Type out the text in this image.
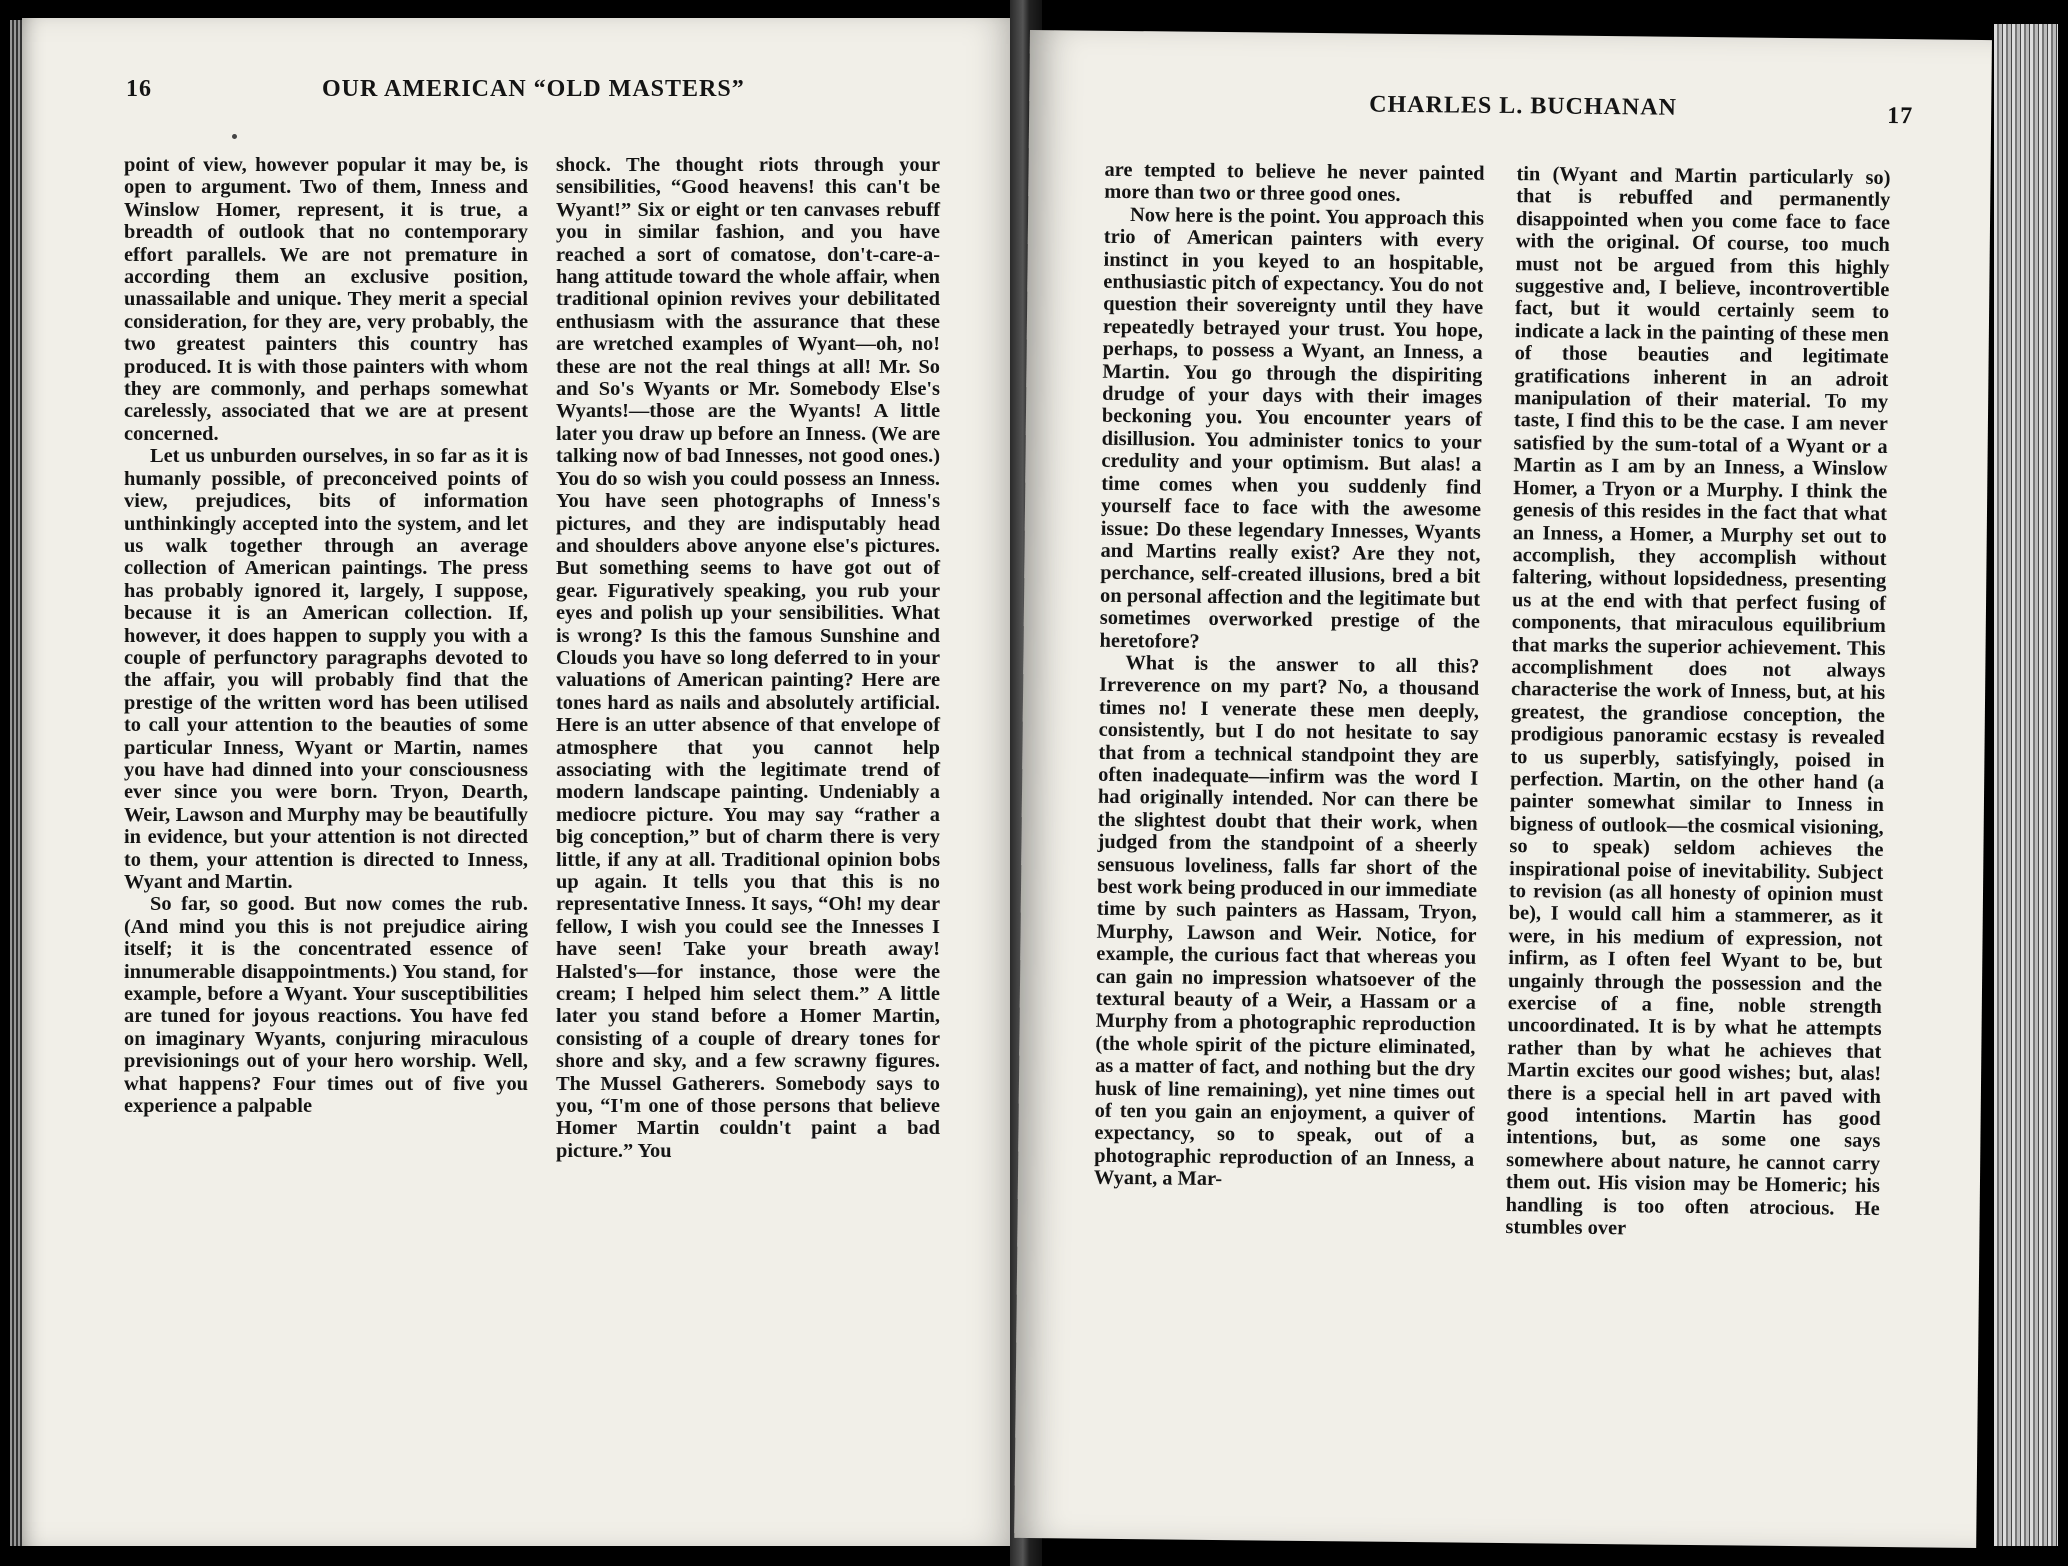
16	OUR AMERICAN “OLD MASTERS”

point of view, however popular it may be, is open to argument. Two of them, Inness and Winslow Homer, represent, it is true, a breadth of outlook that no contemporary effort parallels. We are not premature in according them an exclusive position, unassailable and unique. They merit a special consideration, for they are, very probably, the two greatest painters this country has produced. It is with those painters with whom they are commonly, and perhaps somewhat carelessly, associated that we are at present concerned.

Let us unburden ourselves, in so far as it is humanly possible, of preconceived points of view, prejudices, bits of information unthinkingly accepted into the system, and let us walk together through an average collection of American paintings. The press has probably ignored it, largely, I suppose, because it is an American collection. If, however, it does happen to supply you with a couple of perfunctory paragraphs devoted to the affair, you will probably find that the prestige of the written word has been utilised to call your attention to the beauties of some particular Inness, Wyant or Martin, names you have had dinned into your consciousness ever since you were born. Tryon, Dearth, Weir, Lawson and Murphy may be beautifully in evidence, but your attention is not directed to them, your attention is directed to Inness, Wyant and Martin.

So far, so good. But now comes the rub. (And mind you this is not prejudice airing itself; it is the concentrated essence of innumerable disappointments.) You stand, for example, before a Wyant. Your susceptibilities are tuned for joyous reactions. You have fed on imaginary Wyants, conjuring miraculous previsionings out of your hero worship. Well, what happens? Four times out of five you experience a palpable

shock. The thought riots through your sensibilities, “Good heavens! this can't be Wyant!” Six or eight or ten canvases rebuff you in similar fashion, and you have reached a sort of comatose, don't-care-a-hang attitude toward the whole affair, when traditional opinion revives your debilitated enthusiasm with the assurance that these are wretched examples of Wyant—oh, no! these are not the real things at all! Mr. So and So's Wyants or Mr. Somebody Else's Wyants!—those are the Wyants! A little later you draw up before an Inness. (We are talking now of bad Innesses, not good ones.) You do so wish you could possess an Inness. You have seen photographs of Inness's pictures, and they are indisputably head and shoulders above anyone else's pictures. But something seems to have got out of gear. Figuratively speaking, you rub your eyes and polish up your sensibilities. What is wrong? Is this the famous Sunshine and Clouds you have so long deferred to in your valuations of American painting? Here are tones hard as nails and absolutely artificial. Here is an utter absence of that envelope of atmosphere that you cannot help associating with the legitimate trend of modern landscape painting. Undeniably a mediocre picture. You may say “rather a big conception,” but of charm there is very little, if any at all. Traditional opinion bobs up again. It tells you that this is no representative Inness. It says, “Oh! my dear fellow, I wish you could see the Innesses I have seen! Take your breath away! Halsted's—for instance, those were the cream; I helped him select them.” A little later you stand before a Homer Martin, consisting of a couple of dreary tones for shore and sky, and a few scrawny figures. The Mussel Gatherers. Somebody says to you, “I'm one of those persons that believe Homer Martin couldn't paint a bad picture.” You

CHARLES L. BUCHANAN	17

are tempted to believe he never painted more than two or three good ones.

Now here is the point. You approach this trio of American painters with every instinct in you keyed to an hospitable, enthusiastic pitch of expectancy. You do not question their sovereignty until they have repeatedly betrayed your trust. You hope, perhaps, to possess a Wyant, an Inness, a Martin. You go through the dispiriting drudge of your days with their images beckoning you. You encounter years of disillusion. You administer tonics to your credulity and your optimism. But alas! a time comes when you suddenly find yourself face to face with the awesome issue: Do these legendary Innesses, Wyants and Martins really exist? Are they not, perchance, self-created illusions, bred a bit on personal affection and the legitimate but sometimes overworked prestige of the heretofore?

What is the answer to all this? Irreverence on my part? No, a thousand times no! I venerate these men deeply, consistently, but I do not hesitate to say that from a technical standpoint they are often inadequate—infirm was the word I had originally intended. Nor can there be the slightest doubt that their work, when judged from the standpoint of a sheerly sensuous loveliness, falls far short of the best work being produced in our immediate time by such painters as Hassam, Tryon, Murphy, Lawson and Weir. Notice, for example, the curious fact that whereas you can gain no impression whatsoever of the textural beauty of a Weir, a Hassam or a Murphy from a photographic reproduction (the whole spirit of the picture eliminated, as a matter of fact, and nothing but the dry husk of line remaining), yet nine times out of ten you gain an enjoyment, a quiver of expectancy, so to speak, out of a photographic reproduction of an Inness, a Wyant, a Mar-

tin (Wyant and Martin particularly so) that is rebuffed and permanently disappointed when you come face to face with the original. Of course, too much must not be argued from this highly suggestive and, I believe, incontrovertible fact, but it would certainly seem to indicate a lack in the painting of these men of those beauties and legitimate gratifications inherent in an adroit manipulation of their material. To my taste, I find this to be the case. I am never satisfied by the sum-total of a Wyant or a Martin as I am by an Inness, a Winslow Homer, a Tryon or a Murphy. I think the genesis of this resides in the fact that what an Inness, a Homer, a Murphy set out to accomplish, they accomplish without faltering, without lopsidedness, presenting us at the end with that perfect fusing of components, that miraculous equilibrium that marks the superior achievement. This accomplishment does not always characterise the work of Inness, but, at his greatest, the grandiose conception, the prodigious panoramic ecstasy is revealed to us superbly, satisfyingly, poised in perfection. Martin, on the other hand (a painter somewhat similar to Inness in bigness of outlook—the cosmical visioning, so to speak) seldom achieves the inspirational poise of inevitability. Subject to revision (as all honesty of opinion must be), I would call him a stammerer, as it were, in his medium of expression, not infirm, as I often feel Wyant to be, but ungainly through the possession and the exercise of a fine, noble strength uncoordinated. It is by what he attempts rather than by what he achieves that Martin excites our good wishes; but, alas! there is a special hell in art paved with good intentions. Martin has good intentions, but, as some one says somewhere about nature, he cannot carry them out. His vision may be Homeric; his handling is too often atrocious. He stumbles over
